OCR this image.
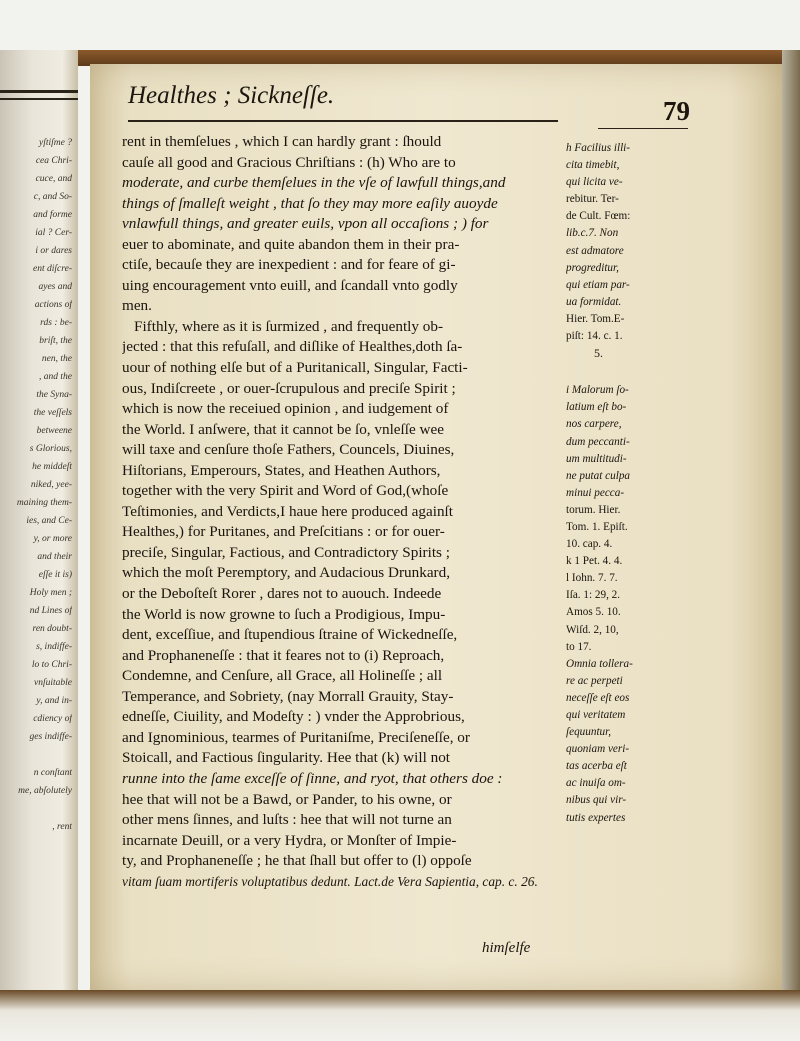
yſtiſme ?
cea Chri-
cuce, and
c, and So-
and forme
ial ? Cer-
i or dares
ent diſcre-
ayes and
actions of
rds : be-
briſt, the
nen, the
, and the
the Syna-
the veſſels
betweene
s Glorious,
he middeſt
niked, yee-
maining them-
ies, and Ce-
y, or more
and their
eſſe it is)
Holy men ;
nd Lines of
ren doubt-
s, indiffe-
lo to Chri-
vnſuitable
y, and in-
cdiency of
ges indiffe-
n conſtant
me, abſolutely
, rent
Healthes ; Sickneſſe.
79
rent in themſelues , which I can hardly grant : ſhould
cauſe all good and Gracious Chriſtians : (h) Who are to
moderate, and curbe themſelues in the vſe of lawfull things,and
things of ſmalleſt weight , that ſo they may more eaſily auoyde
vnlawfull things, and greater euils, vpon all occaſions ; ) for
euer to abominate, and quite abandon them in their pra-
ctiſe, becauſe they are inexpedient : and for feare of gi-
uing encouragement vnto euill, and ſcandall vnto godly
men.
Fifthly, where as it is ſurmized , and frequently ob-
jected : that this refuſall, and diſlike of Healthes,doth ſa-
uour of nothing elſe but of a Puritanicall, Singular, Facti-
ous, Indiſcreete , or ouer-ſcrupulous and preciſe Spirit ;
which is now the receiued opinion , and iudgement of
the World. I anſwere, that it cannot be ſo, vnleſſe wee
will taxe and cenſure thoſe Fathers, Councels, Diuines,
Hiſtorians, Emperours, States, and Heathen Authors,
together with the very Spirit and Word of God,(whoſe
Teſtimonies, and Verdicts,I haue here produced againſt
Healthes,) for Puritanes, and Preſcitians : or for ouer-
preciſe, Singular, Factious, and Contradictory Spirits ;
which the moſt Peremptory, and Audacious Drunkard,
or the Deboſteſt Rorer , dares not to auouch. Indeede
the World is now growne to ſuch a Prodigious, Impu-
dent, exceſſiue, and ſtupendious ſtraine of Wickedneſſe,
and Prophaneneſſe : that it feares not to (i) Reproach,
Condemne, and Cenſure, all Grace, all Holineſſe ; all
Temperance, and Sobriety, (nay Morrall Grauity, Stay-
edneſſe, Ciuility, and Modeſty : ) vnder the Approbrious,
and Ignominious, tearmes of Puritaniſme, Preciſeneſſe, or
Stoicall, and Factious ſingularity. Hee that (k) will not
runne into the ſame exceſſe of ſinne, and ryot, that others doe :
hee that will not be a Bawd, or Pander, to his owne, or
other mens ſinnes, and luſts : hee that will not turne an
incarnate Deuill, or a very Hydra, or Monſter of Impie-
ty, and Prophaneneſſe ; he that ſhall but offer to (l) oppoſe
vitam ſuam mortiferis voluptatibus dedunt. Lact.de Vera Sapientia, cap. c. 26.
h Facilius illi-
cita timebit,
qui licita ve-
rebitur. Ter-
de Cult. Fœm:
lib.c.7. Non
est admatore
progreditur,
qui etiam par-
ua formidat.
Hier. Tom.E-
piſt: 14. c. 1.
5.
i Malorum ſo-
latium eſt bo-
nos carpere,
dum peccanti-
um multitudi-
ne putat culpa
minui pecca-
torum. Hier.
Tom. 1. Epiſt.
10. cap. 4.
k 1 Pet. 4. 4.
l Iohn. 7. 7.
Iſa. 1: 29, 2.
Amos 5. 10.
Wiſd. 2, 10,
to 17.
Omnia tollera-
re ac perpeti
neceſſe eſt eos
qui veritatem
ſequuntur,
quoniam veri-
tas acerba eſt
ac inuiſa om-
nibus qui vir-
tutis expertes
himſelfe
